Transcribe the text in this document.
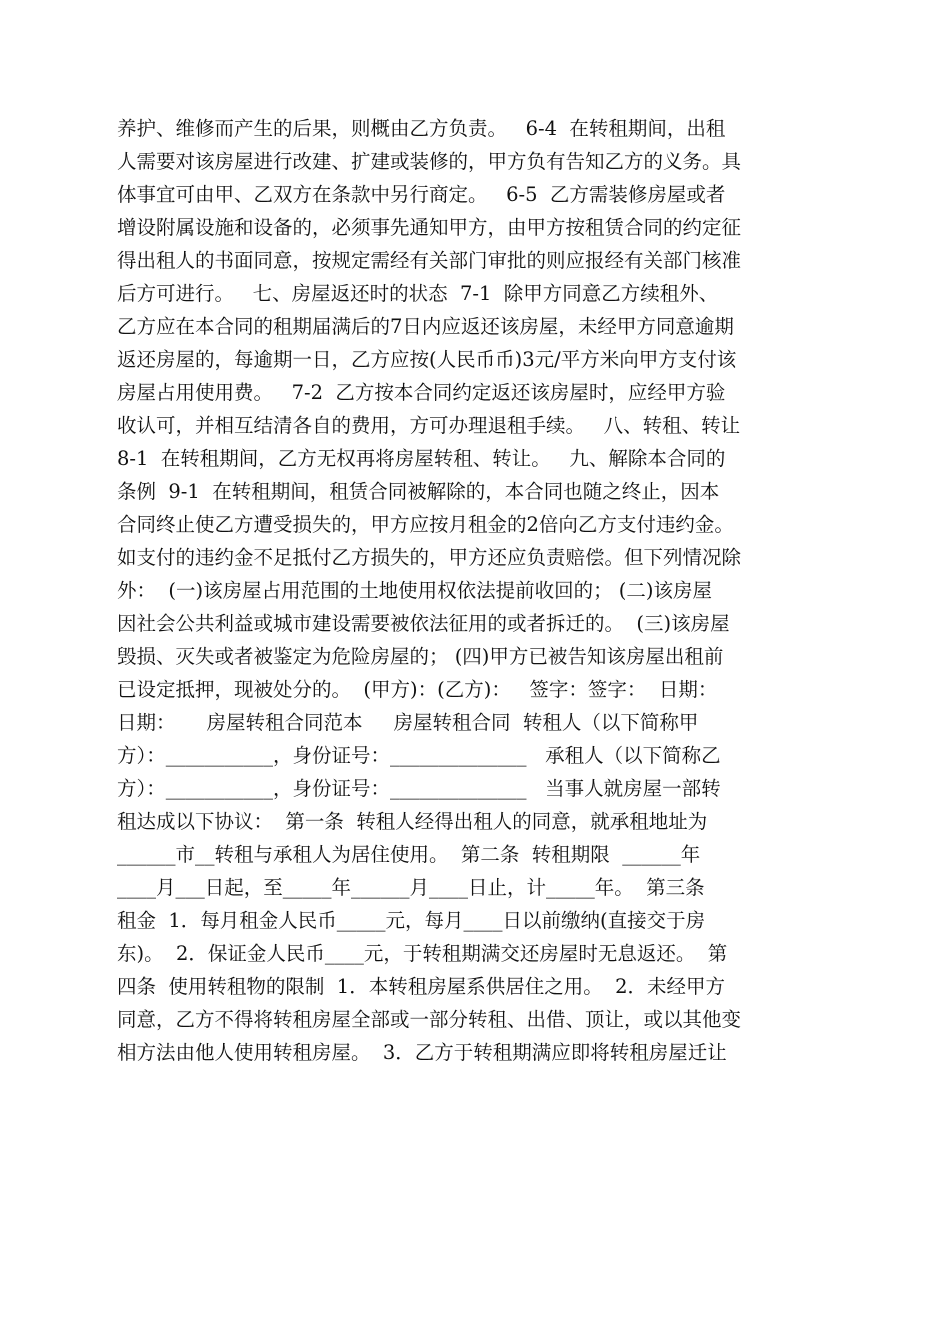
养护、维修而产生的后果，则概由乙方负责。   6-4  在转租期间，出租
人需要对该房屋进行改建、扩建或装修的，甲方负有告知乙方的义务。具
体事宜可由甲、乙双方在条款中另行商定。   6-5  乙方需装修房屋或者
增设附属设施和设备的，必须事先通知甲方，由甲方按租赁合同的约定征
得出租人的书面同意，按规定需经有关部门审批的则应报经有关部门核准
后方可进行。   七、房屋返还时的状态  7-1  除甲方同意乙方续租外、
乙方应在本合同的租期届满后的7日内应返还该房屋，未经甲方同意逾期
返还房屋的，每逾期一日，乙方应按(人民币币)3元/平方米向甲方支付该
房屋占用使用费。   7-2  乙方按本合同约定返还该房屋时，应经甲方验
收认可，并相互结清各自的费用，方可办理退租手续。   八、转租、转让
8-1  在转租期间，乙方无权再将房屋转租、转让。   九、解除本合同的
条例  9-1  在转租期间，租赁合同被解除的，本合同也随之终止，因本
合同终止使乙方遭受损失的，甲方应按月租金的2倍向乙方支付违约金。
如支付的违约金不足抵付乙方损失的，甲方还应负责赔偿。但下列情况除
外：  (一)该房屋占用范围的土地使用权依法提前收回的； (二)该房屋
因社会公共利益或城市建设需要被依法征用的或者拆迁的。  (三)该房屋
毁损、灭失或者被鉴定为危险房屋的； (四)甲方已被告知该房屋出租前
已设定抵押，现被处分的。  (甲方)：(乙方)：   签字：签字：  日期：
日期：     房屋转租合同范本     房屋转租合同  转租人（以下简称甲
方）：___________，身份证号：______________   承租人（以下简称乙
方）：___________，身份证号：______________   当事人就房屋一部转
租达成以下协议：  第一条  转租人经得出租人的同意，就承租地址为
______市__转租与承租人为居住使用。  第二条  转租期限  ______年
____月___日起，至_____年______月____日止，计_____年。  第三条
租金  1．每月租金人民币_____元，每月____日以前缴纳(直接交于房
东)。  2．保证金人民币____元，于转租期满交还房屋时无息返还。  第
四条  使用转租物的限制  1．本转租房屋系供居住之用。  2．未经甲方
同意，乙方不得将转租房屋全部或一部分转租、出借、顶让，或以其他变
相方法由他人使用转租房屋。  3．乙方于转租期满应即将转租房屋迁让
